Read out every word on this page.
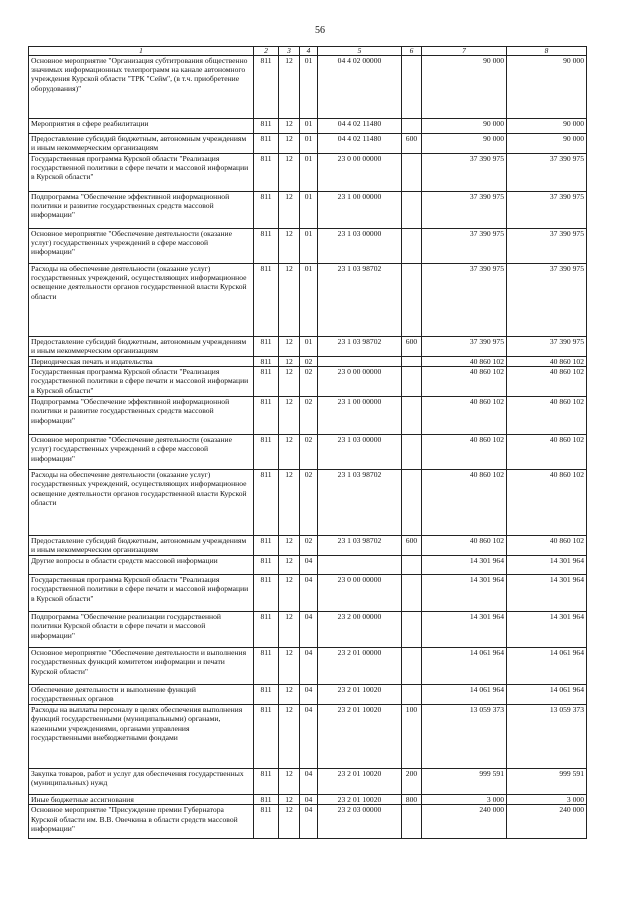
56
1	2	3	4	5	6	7	8
Основное мероприятие "Организация субтитрования общественно значимых информационных телепрограмм на канале автономного учреждения Курской области "ТРК "Сейм", (в т.ч. приобретение оборудования)"	811	12	01	04 4 02 00000		90 000	90 000
Мероприятия в сфере реабилитации	811	12	01	04 4 02 11480		90 000	90 000
Предоставление субсидий бюджетным, автономным учреждениям и иным некоммерческим организациям	811	12	01	04 4 02 11480	600	90 000	90 000
Государственная программа Курской области "Реализация государственной политики в сфере печати и массовой информации в Курской области"	811	12	01	23 0 00 00000		37 390 975	37 390 975
Подпрограмма "Обеспечение эффективной информационной политики и развитие государственных средств массовой информации"	811	12	01	23 1 00 00000		37 390 975	37 390 975
Основное мероприятие "Обеспечение деятельности (оказание услуг) государственных учреждений в сфере массовой информации"	811	12	01	23 1 03 00000		37 390 975	37 390 975
Расходы на обеспечение деятельности (оказание услуг) государственных учреждений, осуществляющих информационное освещение деятельности органов государственной власти Курской области	811	12	01	23 1 03 98702		37 390 975	37 390 975
Предоставление субсидий бюджетным, автономным учреждениям и иным некоммерческим организациям	811	12	01	23 1 03 98702	600	37 390 975	37 390 975
Периодическая печать и издательства	811	12	02			40 860 102	40 860 102
Государственная программа Курской области "Реализация государственной политики в сфере печати и массовой информации в Курской области"	811	12	02	23 0 00 00000		40 860 102	40 860 102
Подпрограмма "Обеспечение эффективной информационной политики и развитие государственных средств массовой информации"	811	12	02	23 1 00 00000		40 860 102	40 860 102
Основное мероприятие "Обеспечение деятельности (оказание услуг) государственных учреждений в сфере массовой информации"	811	12	02	23 1 03 00000		40 860 102	40 860 102
Расходы на обеспечение деятельности (оказание услуг) государственных учреждений, осуществляющих информационное освещение деятельности органов государственной власти Курской области	811	12	02	23 1 03 98702		40 860 102	40 860 102
Предоставление субсидий бюджетным, автономным учреждениям и иным некоммерческим организациям	811	12	02	23 1 03 98702	600	40 860 102	40 860 102
Другие вопросы в области средств массовой информации	811	12	04			14 301 964	14 301 964
Государственная программа Курской области "Реализация государственной политики в сфере печати и массовой информации в Курской области"	811	12	04	23 0 00 00000		14 301 964	14 301 964
Подпрограмма "Обеспечение реализации государственной политики Курской области в сфере печати и массовой информации"	811	12	04	23 2 00 00000		14 301 964	14 301 964
Основное мероприятие "Обеспечение деятельности и выполнения государственных функций комитетом информации и печати Курской области"	811	12	04	23 2 01 00000		14 061 964	14 061 964
Обеспечение деятельности и выполнение функций государственных органов	811	12	04	23 2 01 10020		14 061 964	14 061 964
Расходы на выплаты персоналу в целях обеспечения выполнения функций государственными (муниципальными) органами, казенными учреждениями, органами управления государственными внебюджетными фондами	811	12	04	23 2 01 10020	100	13 059 373	13 059 373
Закупка товаров, работ и услуг для обеспечения государственных (муниципальных) нужд	811	12	04	23 2 01 10020	200	999 591	999 591
Иные бюджетные ассигнования	811	12	04	23 2 01 10020	800	3 000	3 000
Основное мероприятие "Присуждение премии Губернатора Курской области им. В.В. Овечкина в области средств массовой информации"	811	12	04	23 2 03 00000		240 000	240 000
